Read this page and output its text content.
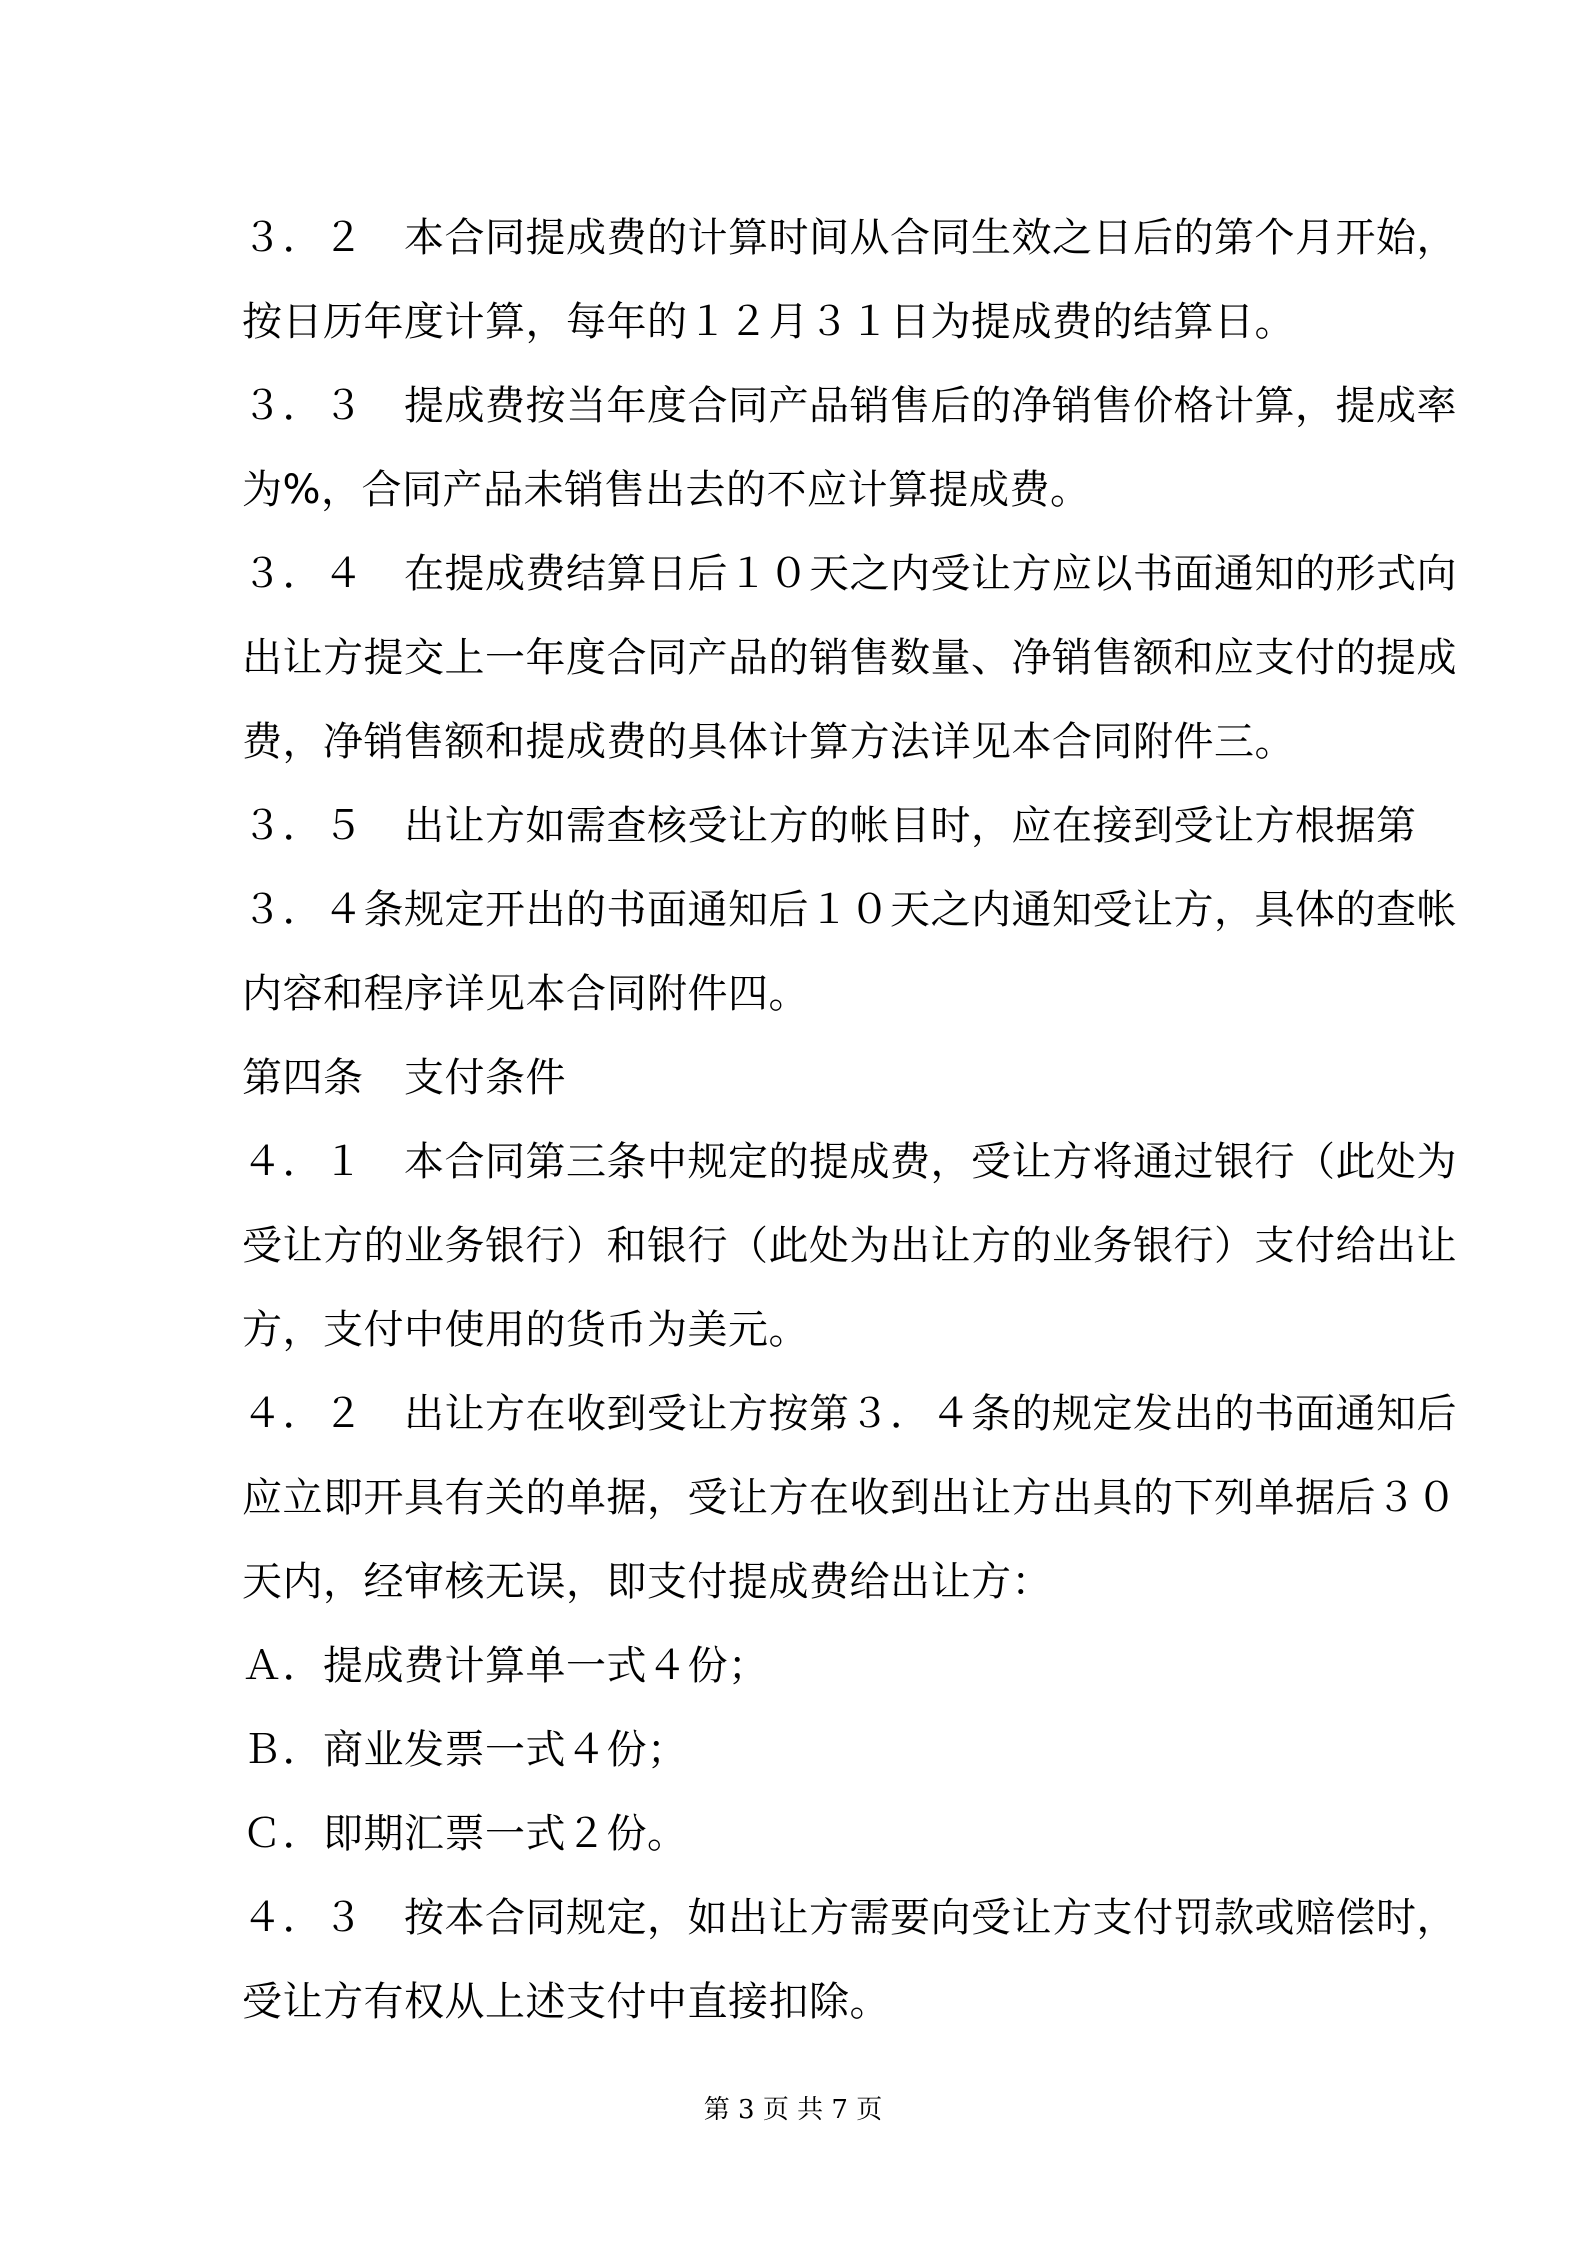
３．２　本合同提成费的计算时间从合同生效之日后的第个月开始，
按日历年度计算，每年的１２月３１日为提成费的结算日。
３．３　提成费按当年度合同产品销售后的净销售价格计算，提成率
为%，合同产品未销售出去的不应计算提成费。
３．４　在提成费结算日后１０天之内受让方应以书面通知的形式向
出让方提交上一年度合同产品的销售数量、净销售额和应支付的提成
费，净销售额和提成费的具体计算方法详见本合同附件三。
３．５　出让方如需查核受让方的帐目时，应在接到受让方根据第
３．４条规定开出的书面通知后１０天之内通知受让方，具体的查帐
内容和程序详见本合同附件四。
第四条　支付条件
４．１　本合同第三条中规定的提成费，受让方将通过银行（此处为
受让方的业务银行）和银行（此处为出让方的业务银行）支付给出让
方，支付中使用的货币为美元。
４．２　出让方在收到受让方按第３．４条的规定发出的书面通知后
应立即开具有关的单据，受让方在收到出让方出具的下列单据后３０
天内，经审核无误，即支付提成费给出让方：
Ａ．提成费计算单一式４份；
Ｂ．商业发票一式４份；
Ｃ．即期汇票一式２份。
４．３　按本合同规定，如出让方需要向受让方支付罚款或赔偿时，
受让方有权从上述支付中直接扣除。
第 3 页 共 7 页
